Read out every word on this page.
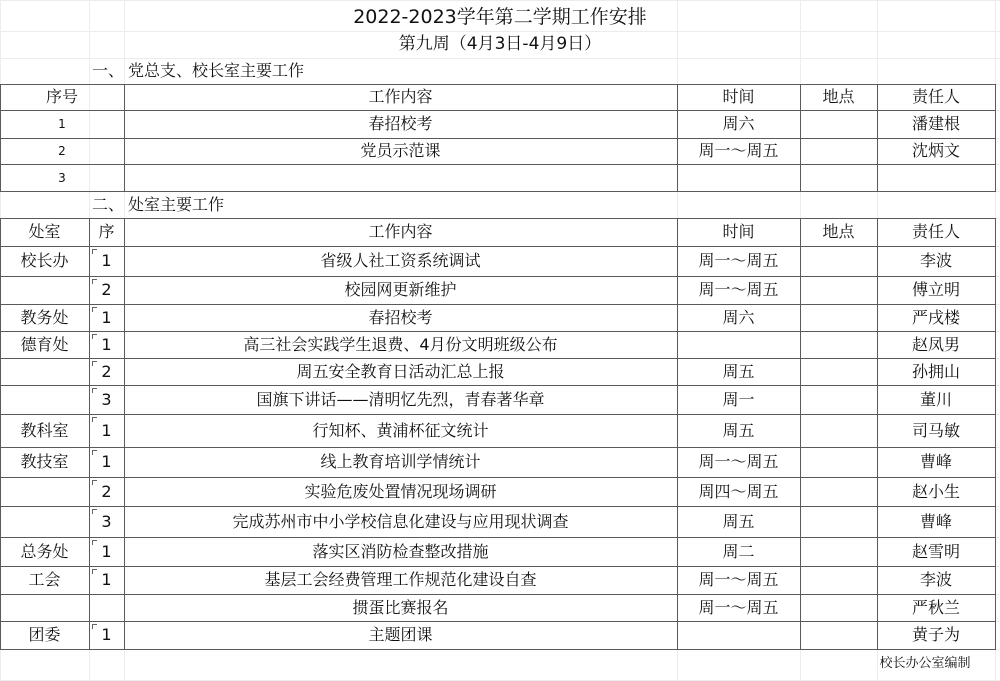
2022-2023学年第二学期工作安排
第九周（4月3日-4月9日）
一、 党总支、校长室主要工作
序号	工作内容	时间	地点	责任人
1	春招校考	周六	潘建根
2	党员示范课	周一～周五	沈炳文
3
二、 处室主要工作
处室	序	工作内容	时间	地点	责任人
校长办	1	省级人社工资系统调试	周一～周五	李波
2	校园网更新维护	周一～周五	傅立明
教务处	1	春招校考	周六	严戌楼
德育处	1	高三社会实践学生退费、4月份文明班级公布	赵凤男
2	周五安全教育日活动汇总上报	周五	孙拥山
3	国旗下讲话——清明忆先烈，青春著华章	周一	董川
教科室	1	行知杯、黄浦杯征文统计	周五	司马敏
教技室	1	线上教育培训学情统计	周一～周五	曹峰
2	实验危废处置情况现场调研	周四～周五	赵小生
3	完成苏州市中小学校信息化建设与应用现状调查	周五	曹峰
总务处	1	落实区消防检查整改措施	周二	赵雪明
工会	1	基层工会经费管理工作规范化建设自查	周一～周五	李波
掼蛋比赛报名	周一～周五	严秋兰
团委	1	主题团课	黄子为
校长办公室编制
